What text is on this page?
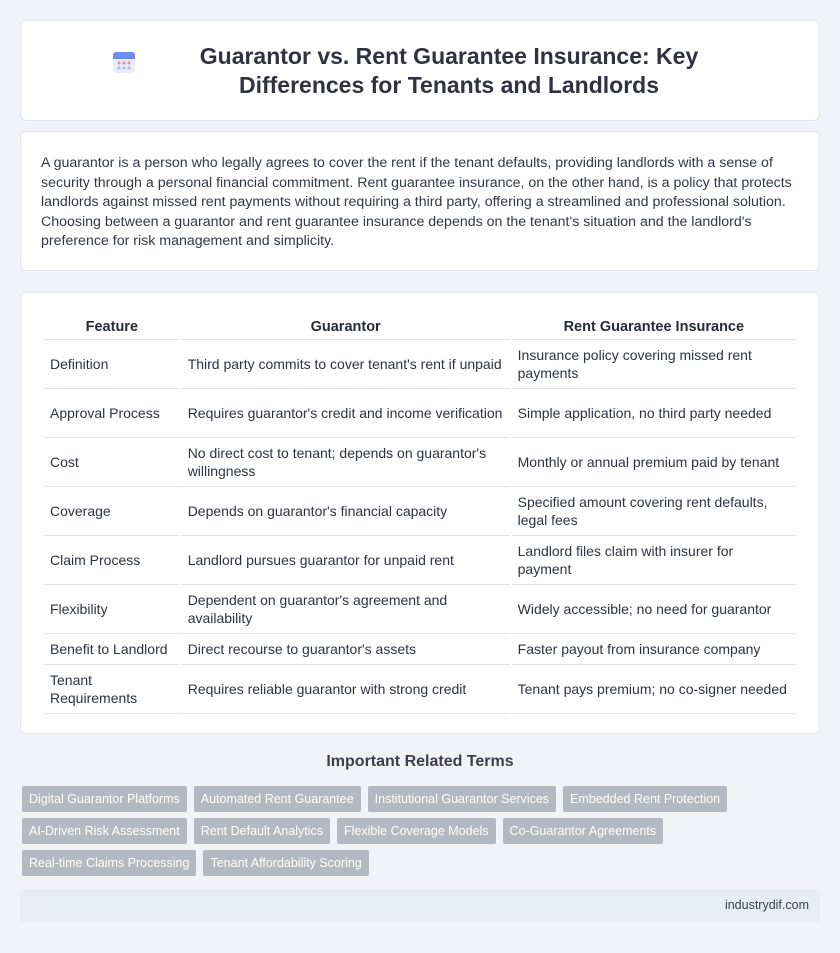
Guarantor vs. Rent Guarantee Insurance: Key Differences for Tenants and Landlords

A guarantor is a person who legally agrees to cover the rent if the tenant defaults, providing landlords with a sense of security through a personal financial commitment. Rent guarantee insurance, on the other hand, is a policy that protects landlords against missed rent payments without requiring a third party, offering a streamlined and professional solution. Choosing between a guarantor and rent guarantee insurance depends on the tenant's situation and the landlord's preference for risk management and simplicity.

Feature	Guarantor	Rent Guarantee Insurance
Definition	Third party commits to cover tenant's rent if unpaid	Insurance policy covering missed rent payments
Approval Process	Requires guarantor's credit and income verification	Simple application, no third party needed
Cost	No direct cost to tenant; depends on guarantor's willingness	Monthly or annual premium paid by tenant
Coverage	Depends on guarantor's financial capacity	Specified amount covering rent defaults, legal fees
Claim Process	Landlord pursues guarantor for unpaid rent	Landlord files claim with insurer for payment
Flexibility	Dependent on guarantor's agreement and availability	Widely accessible; no need for guarantor
Benefit to Landlord	Direct recourse to guarantor's assets	Faster payout from insurance company
Tenant Requirements	Requires reliable guarantor with strong credit	Tenant pays premium; no co-signer needed
Important Related Terms
Digital Guarantor Platforms	Automated Rent Guarantee	Institutional Guarantor Services	Embedded Rent Protection
AI-Driven Risk Assessment	Rent Default Analytics	Flexible Coverage Models	Co-Guarantor Agreements
Real-time Claims Processing	Tenant Affordability Scoring
industrydif.com
